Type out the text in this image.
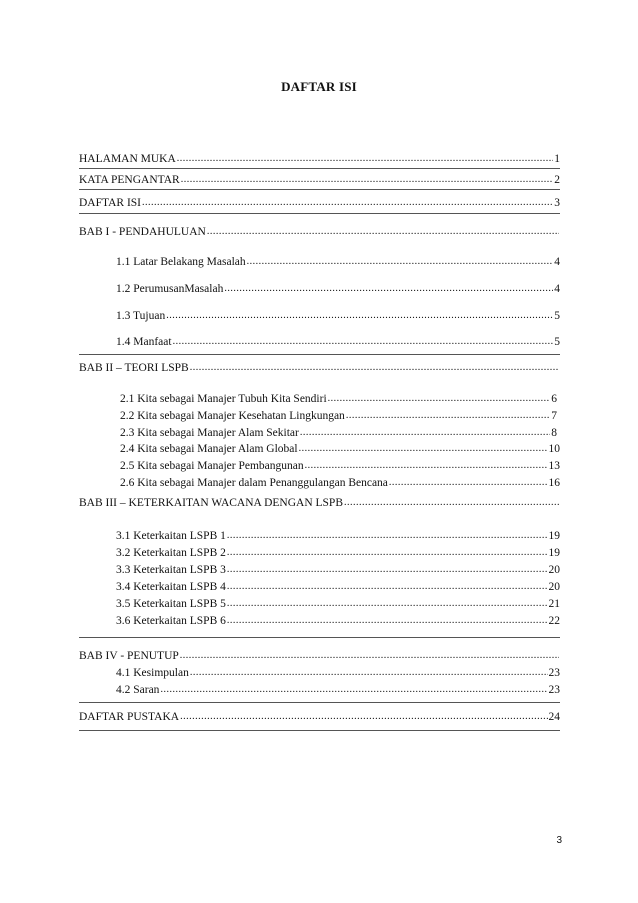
DAFTAR ISI
HALAMAN MUKA .....	1
KATA PENGANTAR .....	2
DAFTAR ISI .....	3
BAB I - PENDAHULUAN
.....
1.1 Latar Belakang Masalah .....	4
1.2 PerumusanMasalah .....	4
1.3 Tujuan .....	5
1.4 Manfaat .....	5
BAB II – TEORI LSPB
.....
2.1 Kita sebagai Manajer Tubuh Kita Sendiri .....	6
2.2 Kita sebagai Manajer Kesehatan Lingkungan .....	7
2.3 Kita sebagai Manajer Alam Sekitar .....	8
2.4 Kita sebagai Manajer Alam Global .....	10
2.5 Kita sebagai Manajer Pembangunan .....	13
2.6 Kita sebagai Manajer dalam Penanggulangan Bencana .....	16
BAB III – KETERKAITAN WACANA DENGAN LSPB
.....
3.1 Keterkaitan LSPB 1 .....	19
3.2 Keterkaitan LSPB 2 .....	19
3.3 Keterkaitan LSPB 3 .....	20
3.4 Keterkaitan LSPB 4 .....	20
3.5 Keterkaitan LSPB 5 .....	21
3.6 Keterkaitan LSPB 6 .....	22
BAB IV - PENUTUP
.....
4.1 Kesimpulan .....	23
4.2 Saran .....	23
DAFTAR PUSTAKA .....	24
3
